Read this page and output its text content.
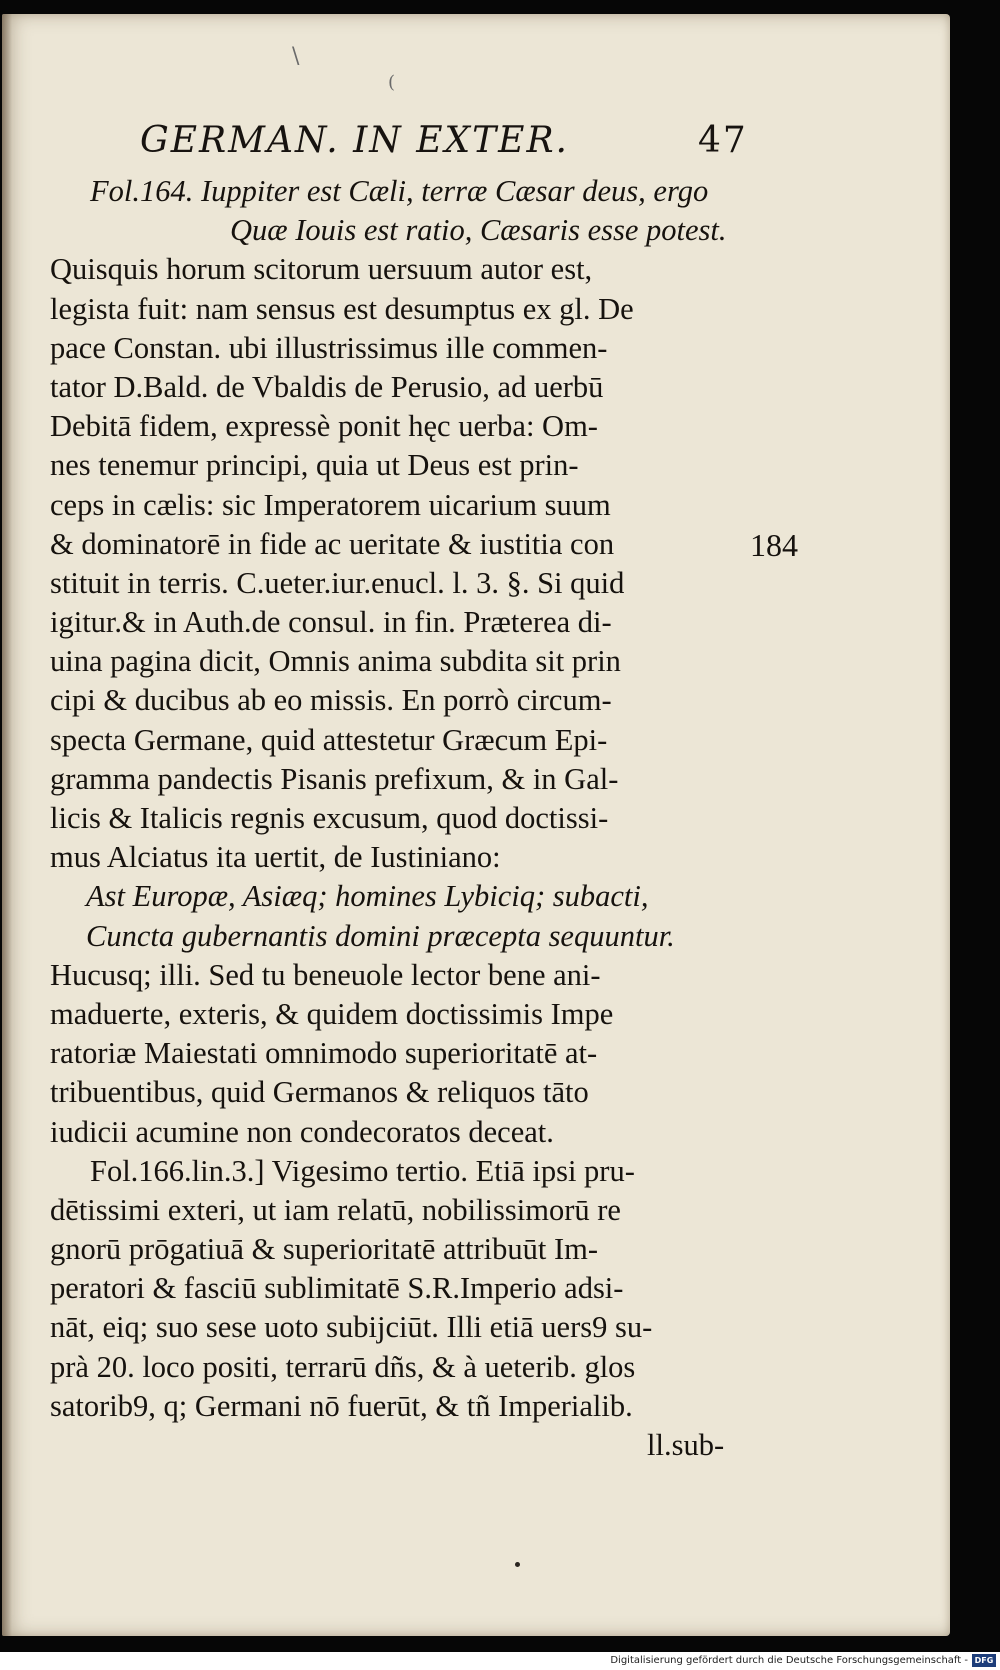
\
(
GERMAN. IN EXTER.	47
184
Fol.164. Iuppiter est Cæli, terræ Cæsar deus, ergo
Quæ Iouis est ratio, Cæsaris esse potest.
Quisquis horum scitorum uersuum autor est,
legista fuit: nam sensus est desumptus ex gl. De
pace Constan. ubi illustrissimus ille commen-
tator D.Bald. de Vbaldis de Perusio, ad uerbū
Debitā fidem, expressè ponit hęc uerba: Om-
nes tenemur principi, quia ut Deus est prin-
ceps in cælis: sic Imperatorem uicarium suum
& dominatorē in fide ac ueritate & iustitia con
stituit in terris. C.ueter.iur.enucl. l. 3. §. Si quid
igitur.& in Auth.de consul. in fin. Præterea di-
uina pagina dicit, Omnis anima subdita sit prin
cipi & ducibus ab eo missis. En porrò circum-
specta Germane, quid attestetur Græcum Epi-
gramma pandectis Pisanis prefixum, & in Gal-
licis & Italicis regnis excusum, quod doctissi-
mus Alciatus ita uertit, de Iustiniano:
Ast Europæ, Asiæq; homines Lybiciq; subacti,
Cuncta gubernantis domini præcepta sequuntur.
Hucusq; illi. Sed tu beneuole lector bene ani-
maduerte, exteris, & quidem doctissimis Impe
ratoriæ Maiestati omnimodo superioritatē at-
tribuentibus, quid Germanos & reliquos tāto
iudicii acumine non condecoratos deceat.
Fol.166.lin.3.] Vigesimo tertio. Etiā ipsi pru-
dētissimi exteri, ut iam relatū, nobilissimorū re
gnorū prōgatiuā & superioritatē attribuūt Im-
peratori & fasciū sublimitatē S.R.Imperio adsi-
nāt, eiq; suo sese uoto subijciūt. Illi etiā uers9 su-
prà 20. loco positi, terrarū dñs, & à ueterib. glos
satorib9, q; Germani nō fuerūt, & tñ Imperialib.
ll.sub-
Digitalisierung gefördert durch die Deutsche Forschungsgemeinschaft - DFG
